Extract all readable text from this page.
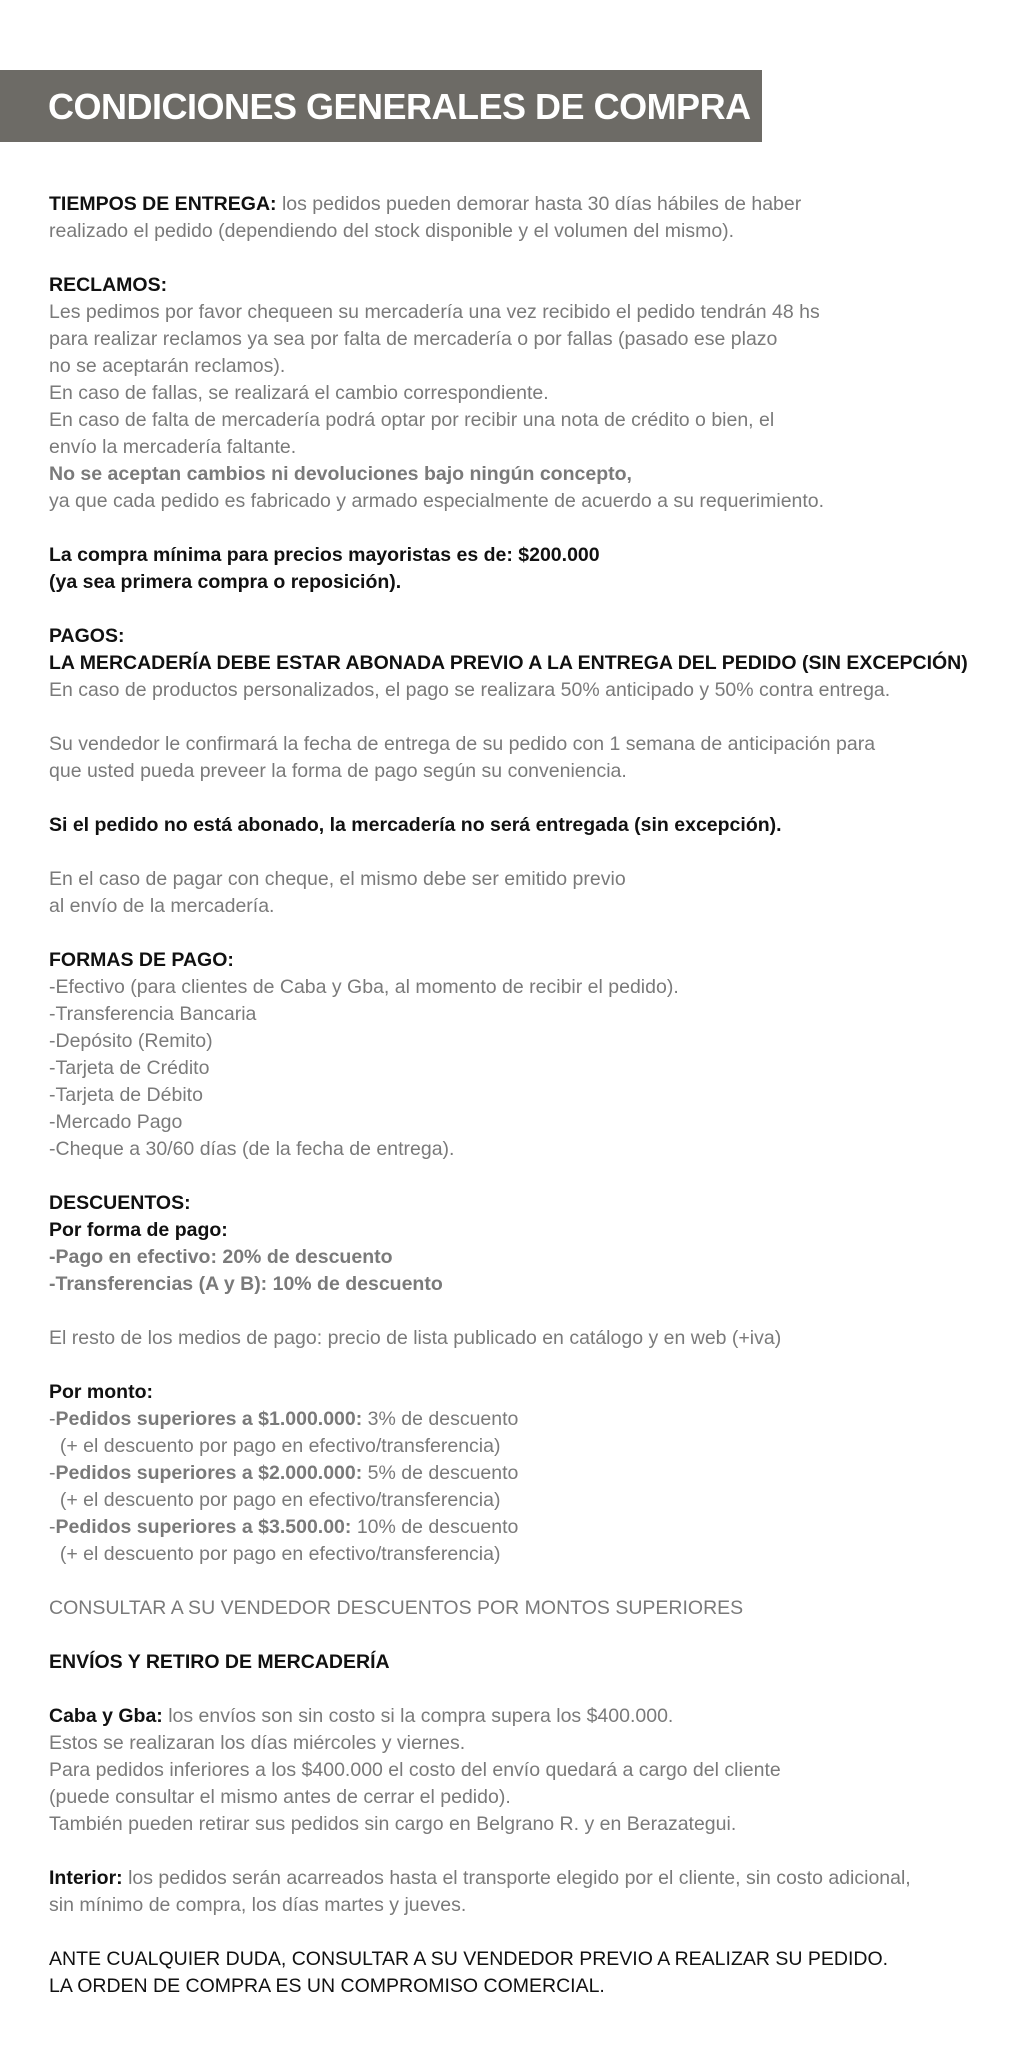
CONDICIONES GENERALES DE COMPRA

TIEMPOS DE ENTREGA: los pedidos pueden demorar hasta 30 días hábiles de haber

realizado el pedido (dependiendo del stock disponible y el volumen del mismo).

RECLAMOS:

Les pedimos por favor chequeen su mercadería una vez recibido el pedido tendrán 48 hs

para realizar reclamos ya sea por falta de mercadería o por fallas (pasado ese plazo

no se aceptarán reclamos).

En caso de fallas, se realizará el cambio correspondiente.

En caso de falta de mercadería podrá optar por recibir una nota de crédito o bien, el

envío la mercadería faltante.

No se aceptan cambios ni devoluciones bajo ningún concepto,

ya que cada pedido es fabricado y armado especialmente de acuerdo a su requerimiento.

La compra mínima para precios mayoristas es de: $200.000

(ya sea primera compra o reposición).

PAGOS:

LA MERCADERÍA DEBE ESTAR ABONADA PREVIO A LA ENTREGA DEL PEDIDO (SIN EXCEPCIÓN)

En caso de productos personalizados, el pago se realizara 50% anticipado y 50% contra entrega.

Su vendedor le confirmará la fecha de entrega de su pedido con 1 semana de anticipación para

que usted pueda preveer la forma de pago según su conveniencia.

Si el pedido no está abonado, la mercadería no será entregada (sin excepción).

En el caso de pagar con cheque, el mismo debe ser emitido previo

al envío de la mercadería.

FORMAS DE PAGO:

-Efectivo (para clientes de Caba y Gba, al momento de recibir el pedido).

-Transferencia Bancaria

-Depósito (Remito)

-Tarjeta de Crédito

-Tarjeta de Débito

-Mercado Pago

-Cheque a 30/60 días (de la fecha de entrega).

DESCUENTOS:

Por forma de pago:

-Pago en efectivo: 20% de descuento

-Transferencias (A y B): 10% de descuento

El resto de los medios de pago: precio de lista publicado en catálogo y en web (+iva)

Por monto:

-Pedidos superiores a $1.000.000: 3% de descuento

(+ el descuento por pago en efectivo/transferencia)

-Pedidos superiores a $2.000.000: 5% de descuento

(+ el descuento por pago en efectivo/transferencia)

-Pedidos superiores a $3.500.00: 10% de descuento

(+ el descuento por pago en efectivo/transferencia)

CONSULTAR A SU VENDEDOR DESCUENTOS POR MONTOS SUPERIORES

ENVÍOS Y RETIRO DE MERCADERÍA

Caba y Gba: los envíos son sin costo si la compra supera los $400.000.

Estos se realizaran los días miércoles y viernes.

Para pedidos inferiores a los $400.000 el costo del envío quedará a cargo del cliente

(puede consultar el mismo antes de cerrar el pedido).

También pueden retirar sus pedidos sin cargo en Belgrano R. y en Berazategui.

Interior: los pedidos serán acarreados hasta el transporte elegido por el cliente, sin costo adicional,

sin mínimo de compra, los días martes y jueves.

ANTE CUALQUIER DUDA, CONSULTAR A SU VENDEDOR PREVIO A REALIZAR SU PEDIDO.

LA ORDEN DE COMPRA ES UN COMPROMISO COMERCIAL.
